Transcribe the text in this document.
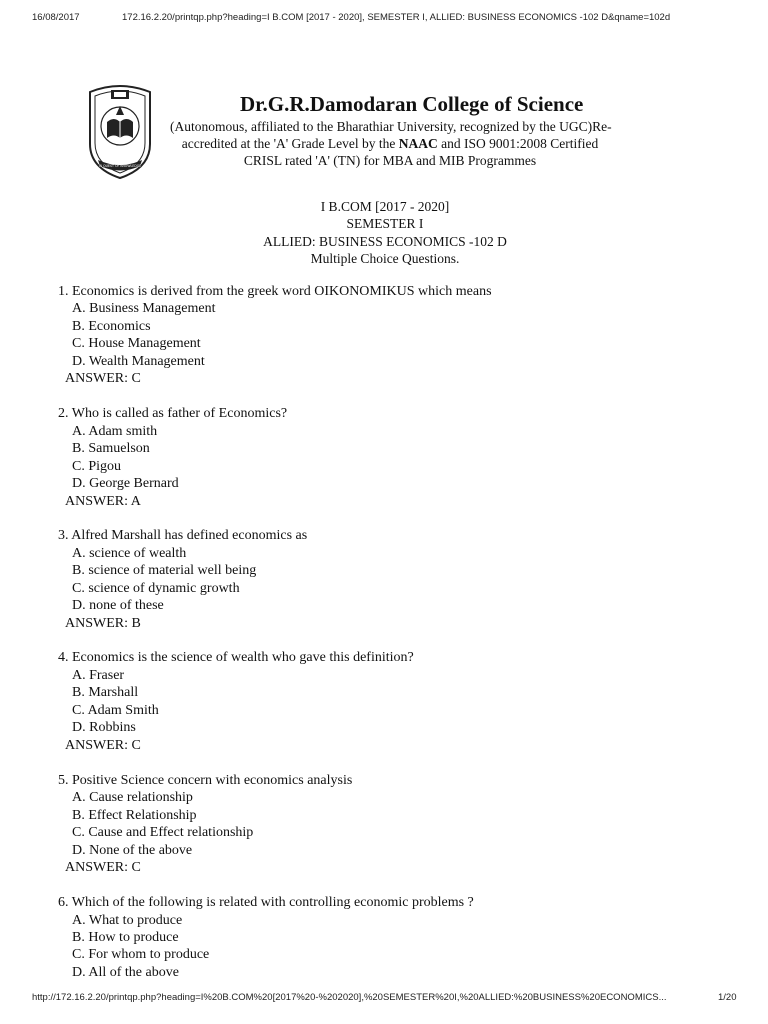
16/08/2017	172.16.2.20/printqp.php?heading=I B.COM [2017 - 2020], SEMESTER I, ALLIED: BUSINESS ECONOMICS -102 D&qname=102d
IN QUEST OF KNOWLEDGE
Dr.G.R.Damodaran College of Science
(Autonomous, affiliated to the Bharathiar University, recognized by the UGC)Re-
accredited at the 'A' Grade Level by the NAAC and ISO 9001:2008 Certified
CRISL rated 'A' (TN) for MBA and MIB Programmes
I B.COM [2017 - 2020]
SEMESTER I
ALLIED: BUSINESS ECONOMICS -102 D
Multiple Choice Questions.
1. Economics is derived from the greek word OIKONOMIKUS which means
A. Business Management
B. Economics
C. House Management
D. Wealth Management
ANSWER: C
2. Who is called as father of Economics?
A. Adam smith
B. Samuelson
C. Pigou
D. George Bernard
ANSWER: A
3. Alfred Marshall has defined economics as
A. science of wealth
B. science of material well being
C. science of dynamic growth
D. none of these
ANSWER: B
4. Economics is the science of wealth who gave this definition?
A. Fraser
B. Marshall
C. Adam Smith
D. Robbins
ANSWER: C
5. Positive Science concern with economics analysis
A. Cause relationship
B. Effect Relationship
C. Cause and Effect relationship
D. None of the above
ANSWER: C
6. Which of the following is related with controlling economic problems ?
A. What to produce
B. How to produce
C. For whom to produce
D. All of the above
http://172.16.2.20/printqp.php?heading=I%20B.COM%20[2017%20-%202020],%20SEMESTER%20I,%20ALLIED:%20BUSINESS%20ECONOMICS...	1/20
